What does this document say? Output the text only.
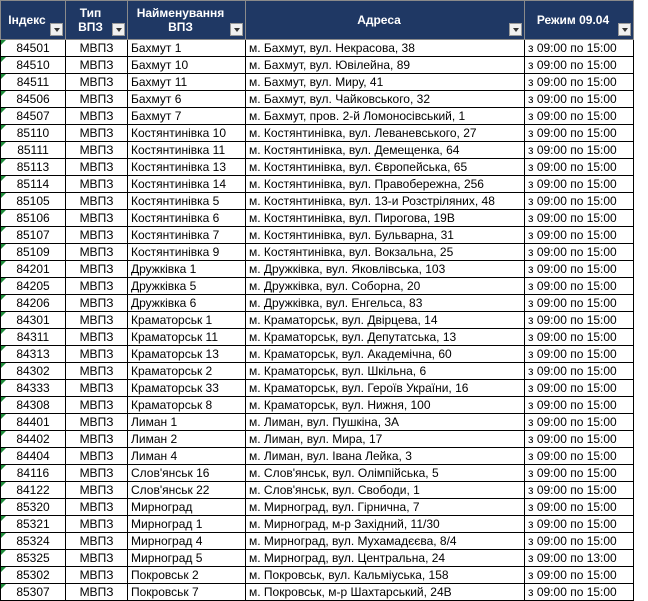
Індекс	Тип ВПЗ	Найменування ВПЗ	Адреса	Режим 09.04

84501	МВПЗ	Бахмут 1	м. Бахмут, вул. Некрасова, 38	з 09:00 по 15:00
84510	МВПЗ	Бахмут 10	м. Бахмут, вул. Ювілейна, 89	з 09:00 по 15:00
84511	МВПЗ	Бахмут 11	м. Бахмут, вул. Миру, 41	з 09:00 по 15:00
84506	МВПЗ	Бахмут 6	м. Бахмут, вул. Чайковського, 32	з 09:00 по 15:00
84507	МВПЗ	Бахмут 7	м. Бахмут, пров. 2-й Ломоносівський, 1	з 09:00 по 15:00
85110	МВПЗ	Костянтинівка 10	м. Костянтинівка, вул. Леваневського, 27	з 09:00 по 15:00
85111	МВПЗ	Костянтинівка 11	м. Костянтинівка, вул. Демещенка, 64	з 09:00 по 15:00
85113	МВПЗ	Костянтинівка 13	м. Костянтинівка, вул. Європейська, 65	з 09:00 по 15:00
85114	МВПЗ	Костянтинівка 14	м. Костянтинівка, вул. Правобережна, 256	з 09:00 по 15:00
85105	МВПЗ	Костянтинівка 5	м. Костянтинівка, вул. 13-и Розстріляних, 48	з 09:00 по 15:00
85106	МВПЗ	Костянтинівка 6	м. Костянтинівка, вул. Пирогова, 19В	з 09:00 по 15:00
85107	МВПЗ	Костянтинівка 7	м. Костянтинівка, вул. Бульварна, 31	з 09:00 по 15:00
85109	МВПЗ	Костянтинівка 9	м. Костянтинівка, вул. Вокзальна, 25	з 09:00 по 15:00
84201	МВПЗ	Дружківка 1	м. Дружківка, вул. Яковлівська, 103	з 09:00 по 15:00
84205	МВПЗ	Дружківка 5	м. Дружківка, вул. Соборна, 20	з 09:00 по 15:00
84206	МВПЗ	Дружківка 6	м. Дружківка, вул. Енгельса, 83	з 09:00 по 15:00
84301	МВПЗ	Краматорськ 1	м. Краматорськ, вул. Двірцева, 14	з 09:00 по 15:00
84311	МВПЗ	Краматорськ 11	м. Краматорськ, вул. Депутатська, 13	з 09:00 по 15:00
84313	МВПЗ	Краматорськ 13	м. Краматорськ, вул. Академічна, 60	з 09:00 по 15:00
84302	МВПЗ	Краматорськ 2	м. Краматорськ, вул. Шкільна, 6	з 09:00 по 15:00
84333	МВПЗ	Краматорськ 33	м. Краматорськ, вул. Героїв України, 16	з 09:00 по 15:00
84308	МВПЗ	Краматорськ 8	м. Краматорськ, вул. Нижня, 100	з 09:00 по 15:00
84401	МВПЗ	Лиман 1	м. Лиман, вул. Пушкіна, 3А	з 09:00 по 15:00
84402	МВПЗ	Лиман 2	м. Лиман, вул. Мира, 17	з 09:00 по 15:00
84404	МВПЗ	Лиман 4	м. Лиман, вул. Івана Лейка, 3	з 09:00 по 15:00
84116	МВПЗ	Слов'янськ 16	м. Слов'янськ, вул. Олімпійська, 5	з 09:00 по 15:00
84122	МВПЗ	Слов'янськ 22	м. Слов'янськ, вул. Свободи, 1	з 09:00 по 15:00
85320	МВПЗ	Мирноград	м. Мирноград, вул. Гірнична, 7	з 09:00 по 15:00
85321	МВПЗ	Мирноград 1	м. Мирноград, м-р Західний, 11/30	з 09:00 по 15:00
85324	МВПЗ	Мирноград 4	м. Мирноград, вул. Мухамадєєва, 8/4	з 09:00 по 15:00
85325	МВПЗ	Мирноград 5	м. Мирноград, вул. Центральна, 24	з 09:00 по 13:00
85302	МВПЗ	Покровськ 2	м. Покровськ, вул. Кальміуська, 158	з 09:00 по 15:00
85307	МВПЗ	Покровськ 7	м. Покровськ, м-р Шахтарський, 24В	з 09:00 по 15:00
